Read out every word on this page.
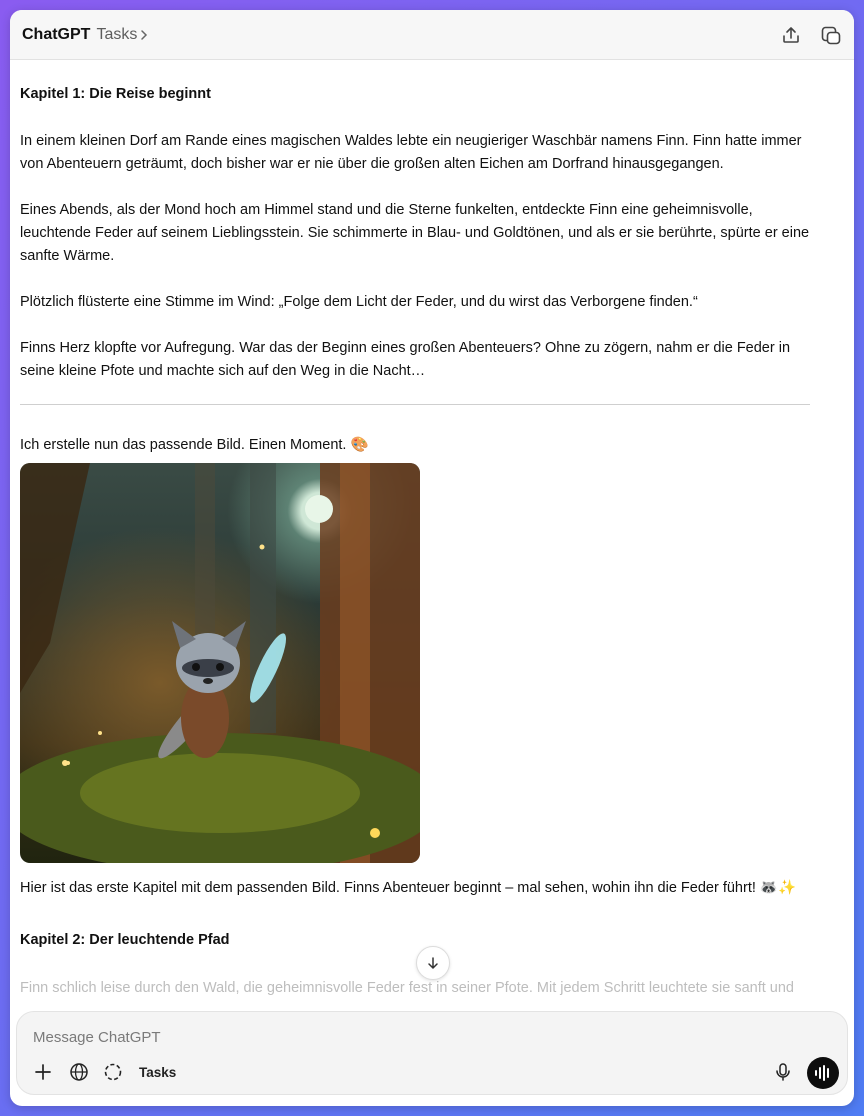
ChatGPT Tasks

Kapitel 1: Die Reise beginnt

In einem kleinen Dorf am Rande eines magischen Waldes lebte ein neugieriger Waschbär namens Finn. Finn hatte immer von Abenteuern geträumt, doch bisher war er nie über die großen alten Eichen am Dorfrand hinausgegangen.

Eines Abends, als der Mond hoch am Himmel stand und die Sterne funkelten, entdeckte Finn eine geheimnisvolle, leuchtende Feder auf seinem Lieblingsstein. Sie schimmerte in Blau- und Goldtönen, und als er sie berührte, spürte er eine sanfte Wärme.

Plötzlich flüsterte eine Stimme im Wind: „Folge dem Licht der Feder, und du wirst das Verborgene finden.“

Finns Herz klopfte vor Aufregung. War das der Beginn eines großen Abenteuers? Ohne zu zögern, nahm er die Feder in seine kleine Pfote und machte sich auf den Weg in die Nacht…

Ich erstelle nun das passende Bild. Einen Moment. 🎨

Hier ist das erste Kapitel mit dem passenden Bild. Finns Abenteuer beginnt – mal sehen, wohin ihn die Feder führt! 🦝✨

Kapitel 2: Der leuchtende Pfad

Finn schlich leise durch den Wald, die geheimnisvolle Feder fest in seiner Pfote. Mit jedem Schritt leuchtete sie sanft und

Message ChatGPT
Tasks
